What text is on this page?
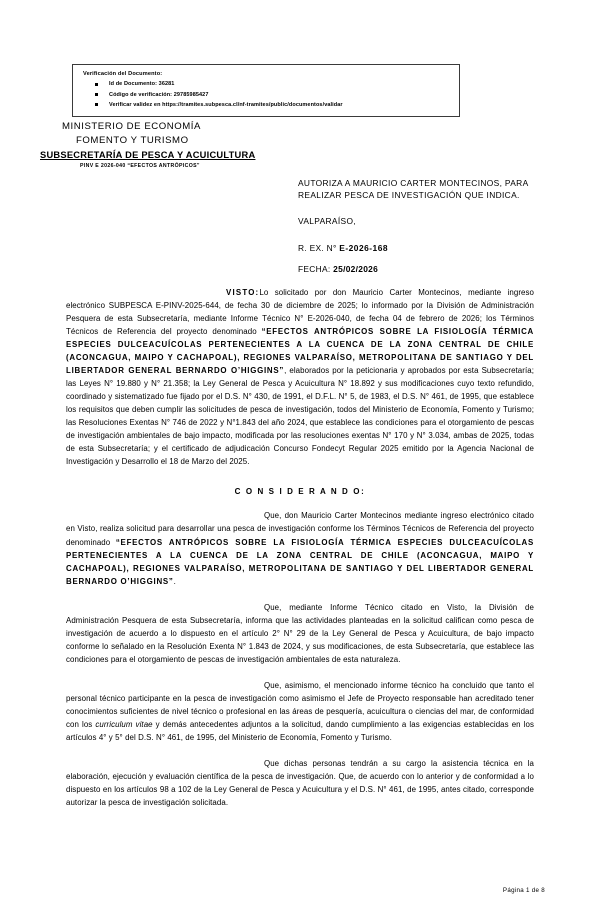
Verificación del Documento:
Id de Documento: 36281
Código de verificación: 29785985427
Verificar validez en https://tramites.subpesca.cl/nf-tramites/public/documentos/validar
MINISTERIO DE ECONOMÍA
FOMENTO Y TURISMO
SUBSECRETARÍA DE PESCA Y ACUICULTURA
PINV E 2026-040 “EFECTOS ANTRÓPICOS”
AUTORIZA A MAURICIO CARTER MONTECINOS, PARA REALIZAR PESCA DE INVESTIGACIÓN QUE INDICA.
VALPARAÍSO,
R. EX. N° E-2026-168
FECHA: 25/02/2026

VISTO:Lo solicitado por don Mauricio Carter Montecinos, mediante ingreso electrónico SUBPESCA E-PINV-2025-644, de fecha 30 de diciembre de 2025; lo informado por la División de Administración Pesquera de esta Subsecretaría, mediante Informe Técnico N° E-2026-040, de fecha 04 de febrero de 2026; los Términos Técnicos de Referencia del proyecto denominado “EFECTOS ANTRÓPICOS SOBRE LA FISIOLOGÍA TÉRMICA ESPECIES DULCEACUÍCOLAS PERTENECIENTES A LA CUENCA DE LA ZONA CENTRAL DE CHILE (ACONCAGUA, MAIPO Y CACHAPOAL), REGIONES VALPARAÍSO, METROPOLITANA DE SANTIAGO Y DEL LIBERTADOR GENERAL BERNARDO O’HIGGINS”, elaborados por la peticionaria y aprobados por esta Subsecretaría; las Leyes N° 19.880 y N° 21.358; la Ley General de Pesca y Acuicultura N° 18.892 y sus modificaciones cuyo texto refundido, coordinado y sistematizado fue fijado por el D.S. N° 430, de 1991, el D.F.L. N° 5, de 1983, el D.S. N° 461, de 1995, que establece los requisitos que deben cumplir las solicitudes de pesca de investigación, todos del Ministerio de Economía, Fomento y Turismo; las Resoluciones Exentas N° 746 de 2022 y N°1.843 del año 2024, que establece las condiciones para el otorgamiento de pescas de investigación ambientales de bajo impacto, modificada por las resoluciones exentas N° 170 y N° 3.034, ambas de 2025, todas de esta Subsecretaría; y el certificado de adjudicación Concurso Fondecyt Regular 2025 emitido por la Agencia Nacional de Investigación y Desarrollo el 18 de Marzo del 2025.

C O N S I D E R A N D O:

Que, don Mauricio Carter Montecinos mediante ingreso electrónico citado en Visto, realiza solicitud para desarrollar una pesca de investigación conforme los Términos Técnicos de Referencia del proyecto denominado “EFECTOS ANTRÓPICOS SOBRE LA FISIOLOGÍA TÉRMICA ESPECIES DULCEACUÍCOLAS PERTENECIENTES A LA CUENCA DE LA ZONA CENTRAL DE CHILE (ACONCAGUA, MAIPO Y CACHAPOAL), REGIONES VALPARAÍSO, METROPOLITANA DE SANTIAGO Y DEL LIBERTADOR GENERAL BERNARDO O’HIGGINS”.

Que, mediante Informe Técnico citado en Visto, la División de Administración Pesquera de esta Subsecretaría, informa que las actividades planteadas en la solicitud califican como pesca de investigación de acuerdo a lo dispuesto en el artículo 2° N° 29 de la Ley General de Pesca y Acuicultura, de bajo impacto conforme lo señalado en la Resolución Exenta N° 1.843 de 2024, y sus modificaciones, de esta Subsecretaría, que establece las condiciones para el otorgamiento de pescas de investigación ambientales de esta naturaleza.

Que, asimismo, el mencionado informe técnico ha concluido que tanto el personal técnico participante en la pesca de investigación como asimismo el Jefe de Proyecto responsable han acreditado tener conocimientos suficientes de nivel técnico o profesional en las áreas de pesquería, acuicultura o ciencias del mar, de conformidad con los curriculum vitae y demás antecedentes adjuntos a la solicitud, dando cumplimiento a las exigencias establecidas en los artículos 4° y 5° del D.S. N° 461, de 1995, del Ministerio de Economía, Fomento y Turismo.

Que dichas personas tendrán a su cargo la asistencia técnica en la elaboración, ejecución y evaluación científica de la pesca de investigación. Que, de acuerdo con lo anterior y de conformidad a lo dispuesto en los artículos 98 a 102 de la Ley General de Pesca y Acuicultura y el D.S. N° 461, de 1995, antes citado, corresponde autorizar la pesca de investigación solicitada.

Página 1 de 8
